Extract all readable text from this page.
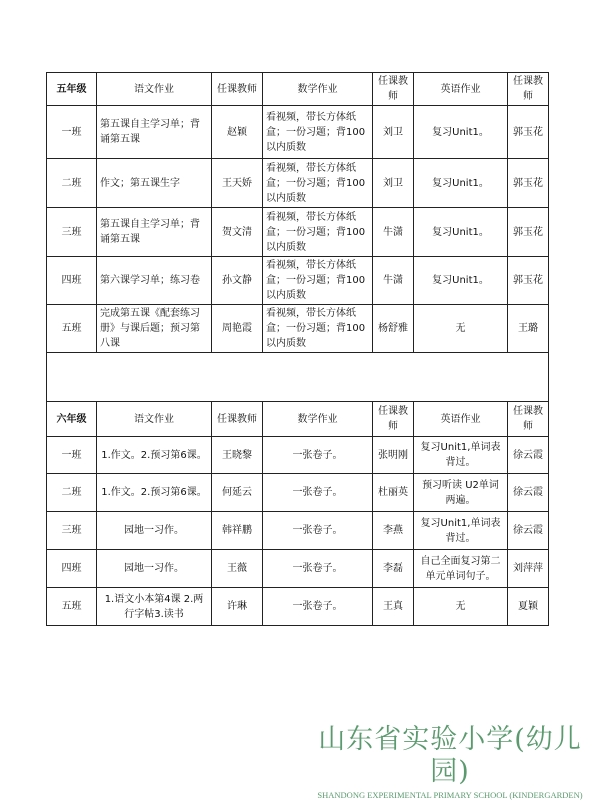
五年级	语文作业	任课教师	数学作业	任课教师	英语作业	任课教师
一班	第五课自主学习单；背诵第五课	赵颖	看视频，带长方体纸盒；一份习题；背100以内质数	刘卫	复习Unit1。	郭玉花
二班	作文；第五课生字	王天娇	看视频，带长方体纸盒；一份习题；背100以内质数	刘卫	复习Unit1。	郭玉花
三班	第五课自主学习单；背诵第五课	贺文清	看视频，带长方体纸盒；一份习题；背100以内质数	牛潇	复习Unit1。	郭玉花
四班	第六课学习单；练习卷	孙文静	看视频，带长方体纸盒；一份习题；背100以内质数	牛潇	复习Unit1。	郭玉花
五班	完成第五课《配套练习册》与课后题；预习第八课	周艳霞	看视频，带长方体纸盒；一份习题；背100以内质数	杨舒雅	无	王璐

六年级	语文作业	任课教师	数学作业	任课教师	英语作业	任课教师
一班	1.作文。2.预习第6课。	王晓黎	一张卷子。	张明刚	复习Unit1,单词表背过。	徐云霞
二班	1.作文。2.预习第6课。	何延云	一张卷子。	杜丽英	预习听读 U2单词 两遍。	徐云霞
三班	园地一习作。	韩祥鹏	一张卷子。	李燕	复习Unit1,单词表背过。	徐云霞
四班	园地一习作。	王薇	一张卷子。	李磊	自己全面复习第二单元单词句子。	刘萍萍
五班	1.语文小本第4课 2.两行字帖3.读书	许琳	一张卷子。	王真	无	夏颖
山东省实验小学(幼儿园)
SHANDONG EXPERIMENTAL PRIMARY SCHOOL (KINDERGARDEN)
